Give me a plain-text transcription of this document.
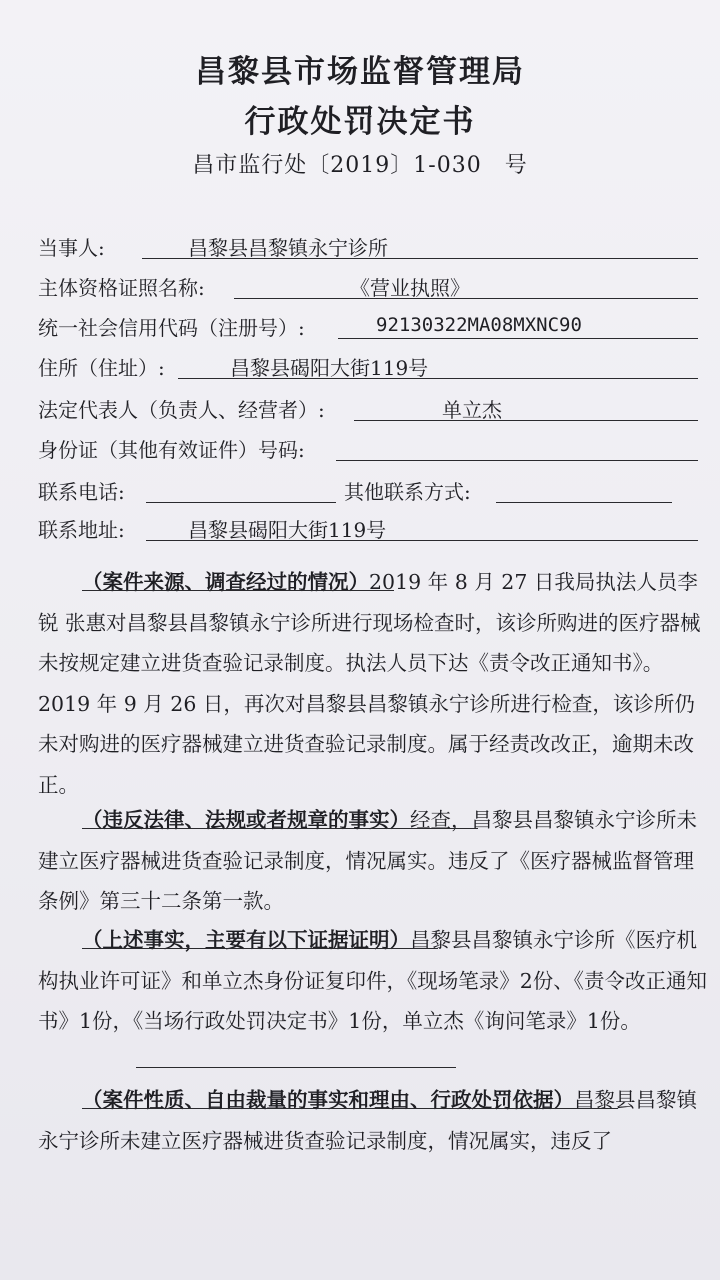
昌黎县市场监督管理局
行政处罚决定书
昌市监行处〔2019〕1-030　号
当事人:	昌黎县昌黎镇永宁诊所
主体资格证照名称:	《营业执照》
统一社会信用代码（注册号）:	92130322MA08MXNC90
住所（住址）:	昌黎县碣阳大街119号
法定代表人（负责人、经营者）:	单立杰
身份证（其他有效证件）号码:
联系电话:	其他联系方式:
联系地址:	昌黎县碣阳大街119号
（案件来源、调查经过的情况）2019 年 8 月 27 日我局执法人员李锐 张惠对昌黎县昌黎镇永宁诊所进行现场检查时，该诊所购进的医疗器械未按规定建立进货查验记录制度。执法人员下达《责令改正通知书》。2019 年 9 月 26 日，再次对昌黎县昌黎镇永宁诊所进行检查，该诊所仍未对购进的医疗器械建立进货查验记录制度。属于经责改改正，逾期未改正。
（违反法律、法规或者规章的事实）经查，昌黎县昌黎镇永宁诊所未建立医疗器械进货查验记录制度，情况属实。违反了《医疗器械监督管理条例》第三十二条第一款。
（上述事实，主要有以下证据证明）昌黎县昌黎镇永宁诊所《医疗机构执业许可证》和单立杰身份证复印件，《现场笔录》2份、《责令改正通知书》1份，《当场行政处罚决定书》1份，单立杰《询问笔录》1份。
（案件性质、自由裁量的事实和理由、行政处罚依据）昌黎县昌黎镇永宁诊所未建立医疗器械进货查验记录制度，情况属实，违反了
